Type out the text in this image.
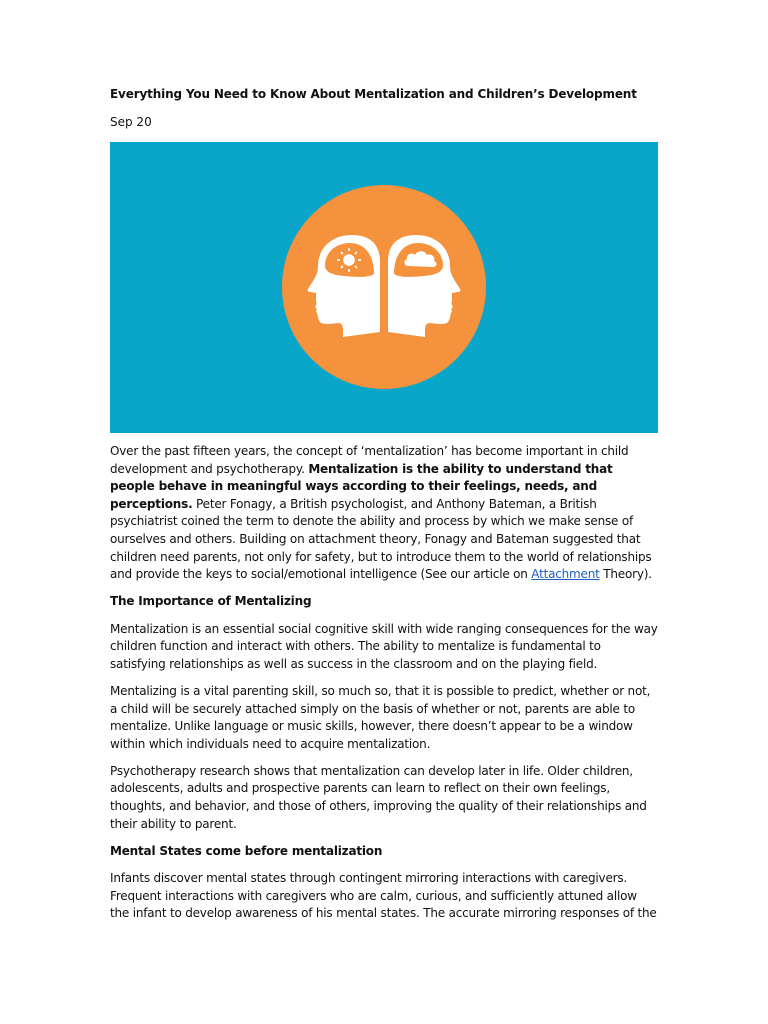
Everything You Need to Know About Mentalization and Children’s Development
Sep 20

Over the past fifteen years, the concept of ‘mentalization’ has become important in child development and psychotherapy. Mentalization is the ability to understand that people behave in meaningful ways according to their feelings, needs, and perceptions. Peter Fonagy, a British psychologist, and Anthony Bateman, a British psychiatrist coined the term to denote the ability and process by which we make sense of ourselves and others. Building on attachment theory, Fonagy and Bateman suggested that children need parents, not only for safety, but to introduce them to the world of relationships and provide the keys to social/emotional intelligence (See our article on Attachment Theory).

The Importance of Mentalizing

Mentalization is an essential social cognitive skill with wide ranging consequences for the way children function and interact with others. The ability to mentalize is fundamental to satisfying relationships as well as success in the classroom and on the playing field.

Mentalizing is a vital parenting skill, so much so, that it is possible to predict, whether or not, a child will be securely attached simply on the basis of whether or not, parents are able to mentalize. Unlike language or music skills, however, there doesn’t appear to be a window within which individuals need to acquire mentalization.

Psychotherapy research shows that mentalization can develop later in life. Older children, adolescents, adults and prospective parents can learn to reflect on their own feelings, thoughts, and behavior, and those of others, improving the quality of their relationships and their ability to parent.

Mental States come before mentalization

Infants discover mental states through contingent mirroring interactions with caregivers. Frequent interactions with caregivers who are calm, curious, and sufficiently attuned allow the infant to develop awareness of his mental states. The accurate mirroring responses of the
